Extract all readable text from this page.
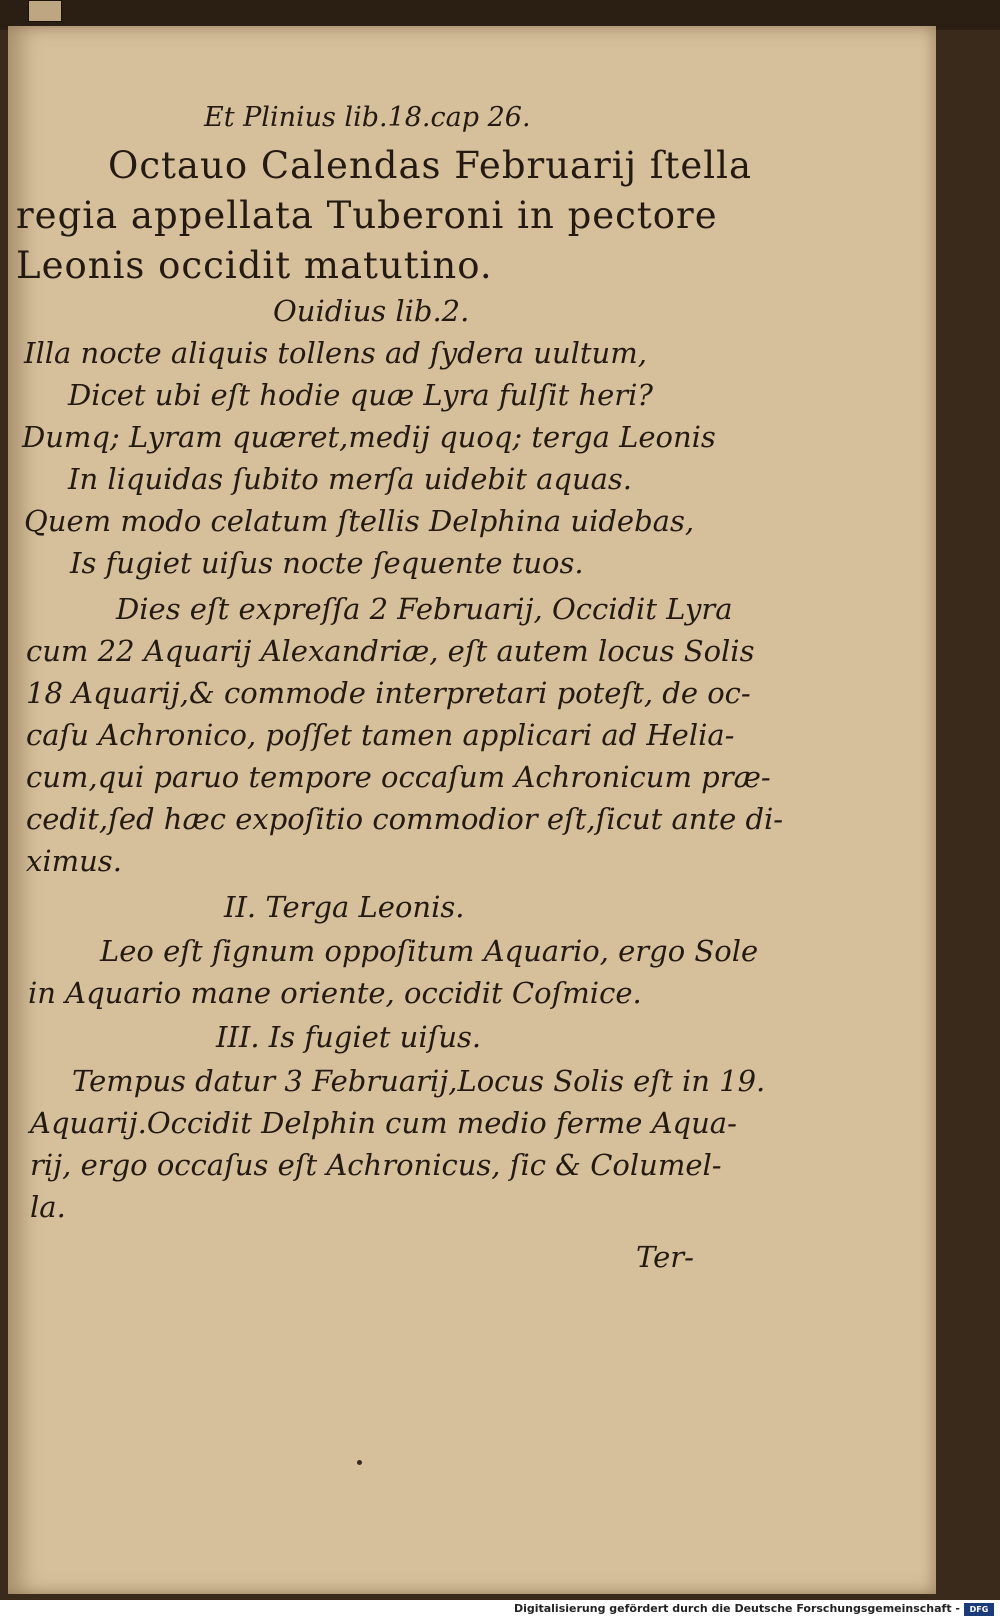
Et Plinius lib.18.cap 26.
Octauo Calendas Februarij ſtella
regia appellata Tuberoni in pectore
Leonis occidit matutino.
Ouidius lib.2.
Illa nocte aliquis tollens ad ſydera uultum,
Dicet ubi eſt hodie quæ Lyra fulſit heri?
Dumq; Lyram quæret,medij quoq; terga Leonis
In liquidas ſubito merſa uidebit aquas.
Quem modo celatum ſtellis Delphina uidebas,
Is fugiet uiſus nocte ſequente tuos.
Dies eſt expreſſa 2 Februarij, Occidit Lyra
cum 22 Aquarij Alexandriæ, eſt autem locus Solis
18 Aquarij,& commode interpretari poteſt, de oc-
caſu Achronico, poſſet tamen applicari ad Helia-
cum,qui paruo tempore occaſum Achronicum præ-
cedit,ſed hæc expoſitio commodior eſt,ſicut ante di-
ximus.
II. Terga Leonis.
Leo eſt ſignum oppoſitum Aquario, ergo Sole
in Aquario mane oriente, occidit Coſmice.
III. Is fugiet uiſus.
Tempus datur 3 Februarij,Locus Solis eſt in 19.
Aquarij.Occidit Delphin cum medio ferme Aqua-
rij, ergo occaſus eſt Achronicus, ſic & Columel-
la.
Ter-
Digitalisierung gefördert durch die Deutsche Forschungsgemeinschaft -	DFG
